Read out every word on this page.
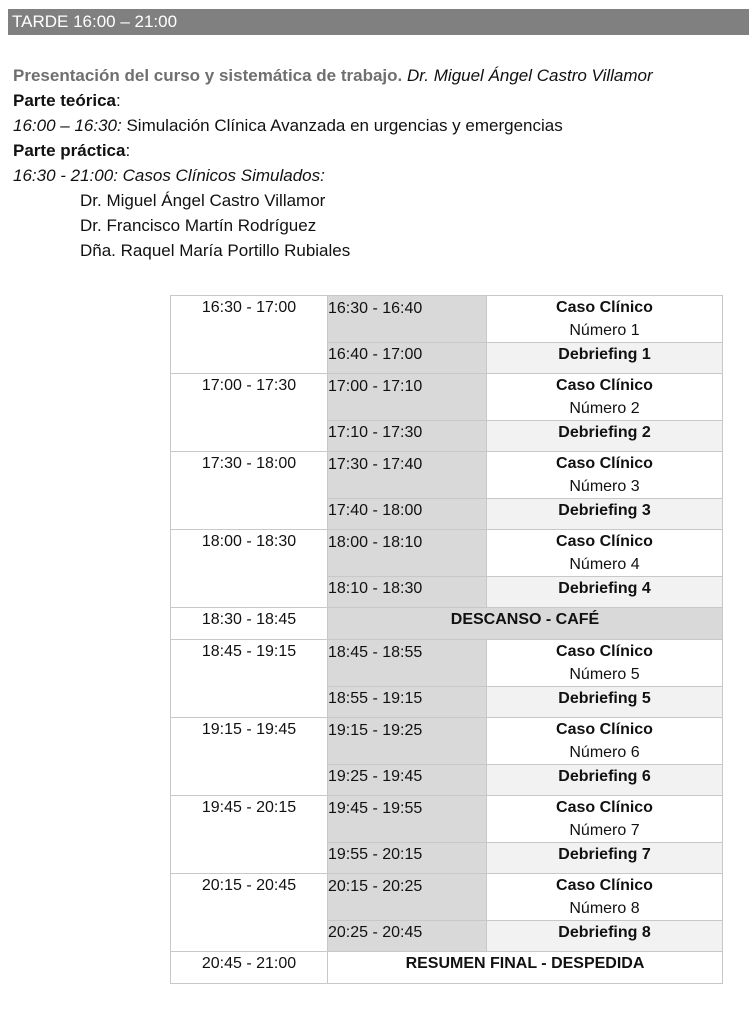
TARDE 16:00 – 21:00

Presentación del curso y sistemática de trabajo. Dr. Miguel Ángel Castro Villamor

Parte teórica:

16:00 – 16:30: Simulación Clínica Avanzada en urgencias y emergencias

Parte práctica:

16:30 - 21:00: Casos Clínicos Simulados:

Dr. Miguel Ángel Castro Villamor

Dr. Francisco Martín Rodríguez

Dña. Raquel María Portillo Rubiales

16:30 - 17:00	16:30 - 16:40	Caso Clínico
Número 1
	16:40 - 17:00	Debriefing 1
17:00 - 17:30	17:00 - 17:10	Caso Clínico
Número 2
	17:10 - 17:30	Debriefing 2
17:30 - 18:00	17:30 - 17:40	Caso Clínico
Número 3
	17:40 - 18:00	Debriefing 3
18:00 - 18:30	18:00 - 18:10	Caso Clínico
Número 4
	18:10 - 18:30	Debriefing 4
18:30 - 18:45	DESCANSO - CAFÉ	
18:45 - 19:15	18:45 - 18:55	Caso Clínico
Número 5
	18:55 - 19:15	Debriefing 5
19:15 - 19:45	19:15 - 19:25	Caso Clínico
Número 6
	19:25 - 19:45	Debriefing 6
19:45 - 20:15	19:45 - 19:55	Caso Clínico
Número 7
	19:55 - 20:15	Debriefing 7
20:15 - 20:45	20:15 - 20:25	Caso Clínico
Número 8
	20:25 - 20:45	Debriefing 8
20:45 - 21:00	RESUMEN FINAL - DESPEDIDA	
